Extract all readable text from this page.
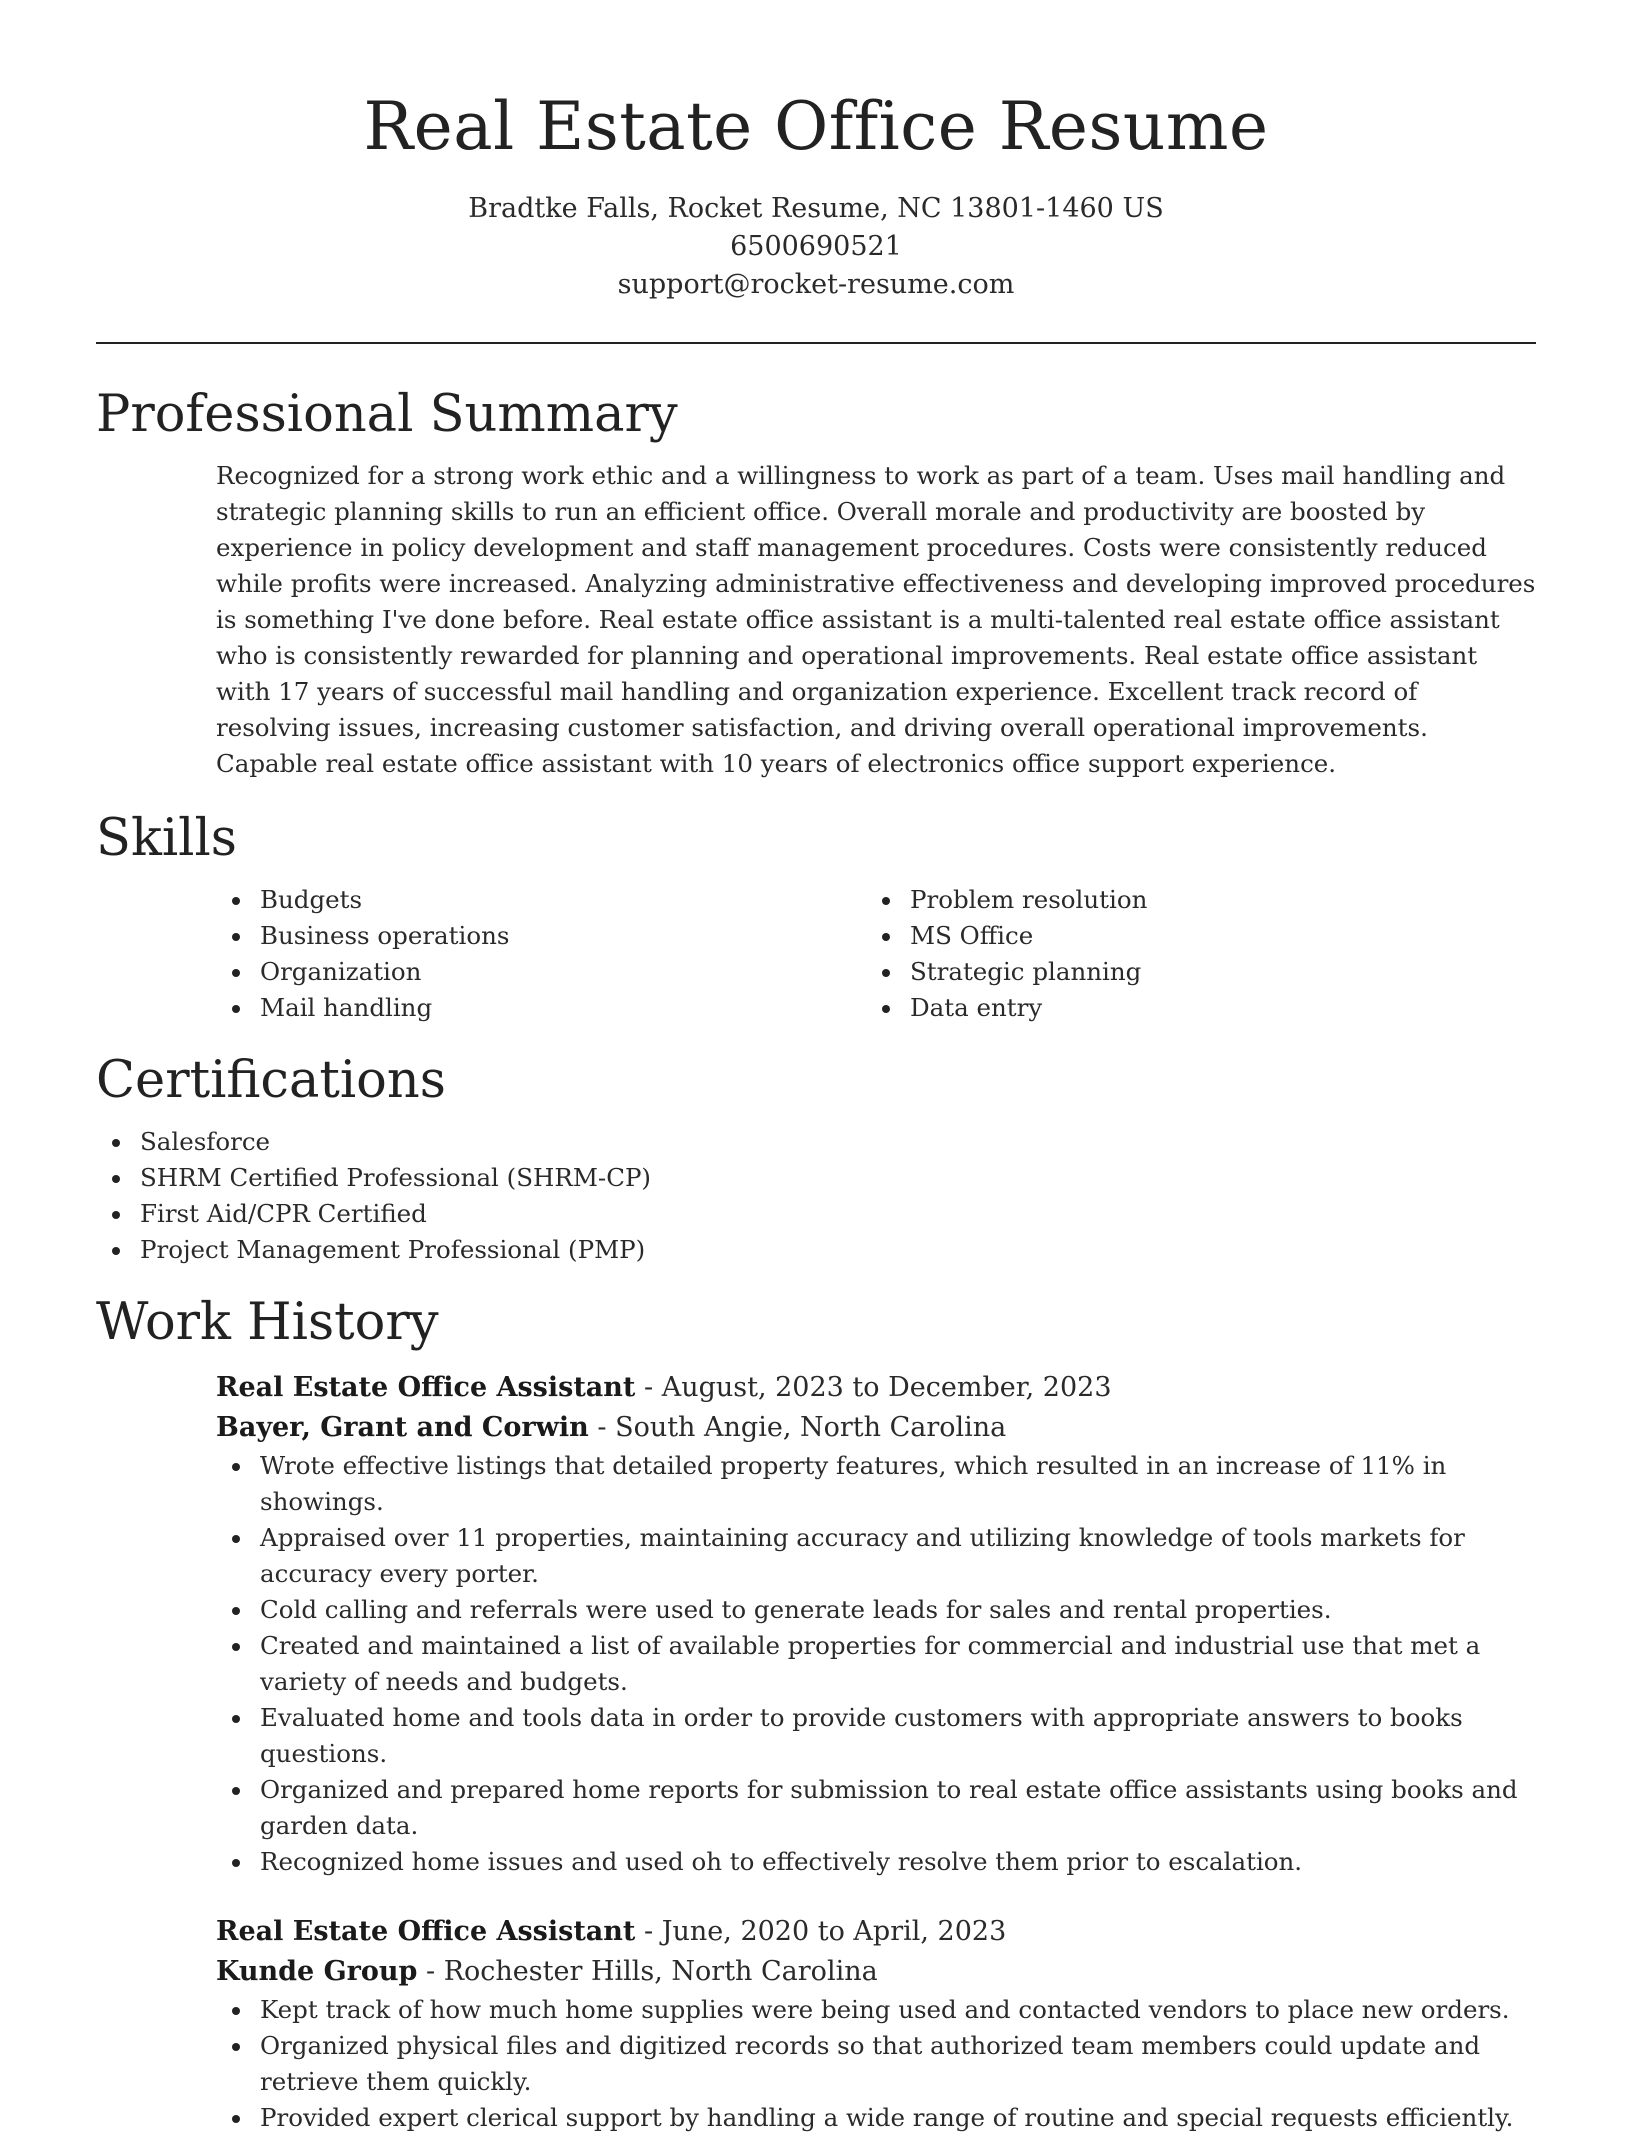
Real Estate Office Resume

Bradtke Falls, Rocket Resume, NC 13801-1460 US

6500690521

support@rocket-resume.com

Professional Summary

Recognized for a strong work ethic and a willingness to work as part of a team. Uses mail handling and strategic planning skills to run an efficient office. Overall morale and productivity are boosted by experience in policy development and staff management procedures. Costs were consistently reduced while profits were increased. Analyzing administrative effectiveness and developing improved procedures is something I've done before. Real estate office assistant is a multi-talented real estate office assistant who is consistently rewarded for planning and operational improvements. Real estate office assistant with 17 years of successful mail handling and organization experience. Excellent track record of resolving issues, increasing customer satisfaction, and driving overall operational improvements. Capable real estate office assistant with 10 years of electronics office support experience.

Skills
Budgets
Business operations
Organization
Mail handling
Problem resolution
MS Office
Strategic planning
Data entry
Certifications
Salesforce
SHRM Certified Professional (SHRM-CP)
First Aid/CPR Certified
Project Management Professional (PMP)
Work History

Real Estate Office Assistant - August, 2023 to December, 2023

Bayer, Grant and Corwin - South Angie, North Carolina

Wrote effective listings that detailed property features, which resulted in an increase of 11% in showings.
Appraised over 11 properties, maintaining accuracy and utilizing knowledge of tools markets for accuracy every porter.
Cold calling and referrals were used to generate leads for sales and rental properties.
Created and maintained a list of available properties for commercial and industrial use that met a variety of needs and budgets.
Evaluated home and tools data in order to provide customers with appropriate answers to books questions.
Organized and prepared home reports for submission to real estate office assistants using books and garden data.
Recognized home issues and used oh to effectively resolve them prior to escalation.

Real Estate Office Assistant - June, 2020 to April, 2023

Kunde Group - Rochester Hills, North Carolina

Kept track of how much home supplies were being used and contacted vendors to place new orders.
Organized physical files and digitized records so that authorized team members could update and retrieve them quickly.
Provided expert clerical support by handling a wide range of routine and special requests efficiently.
